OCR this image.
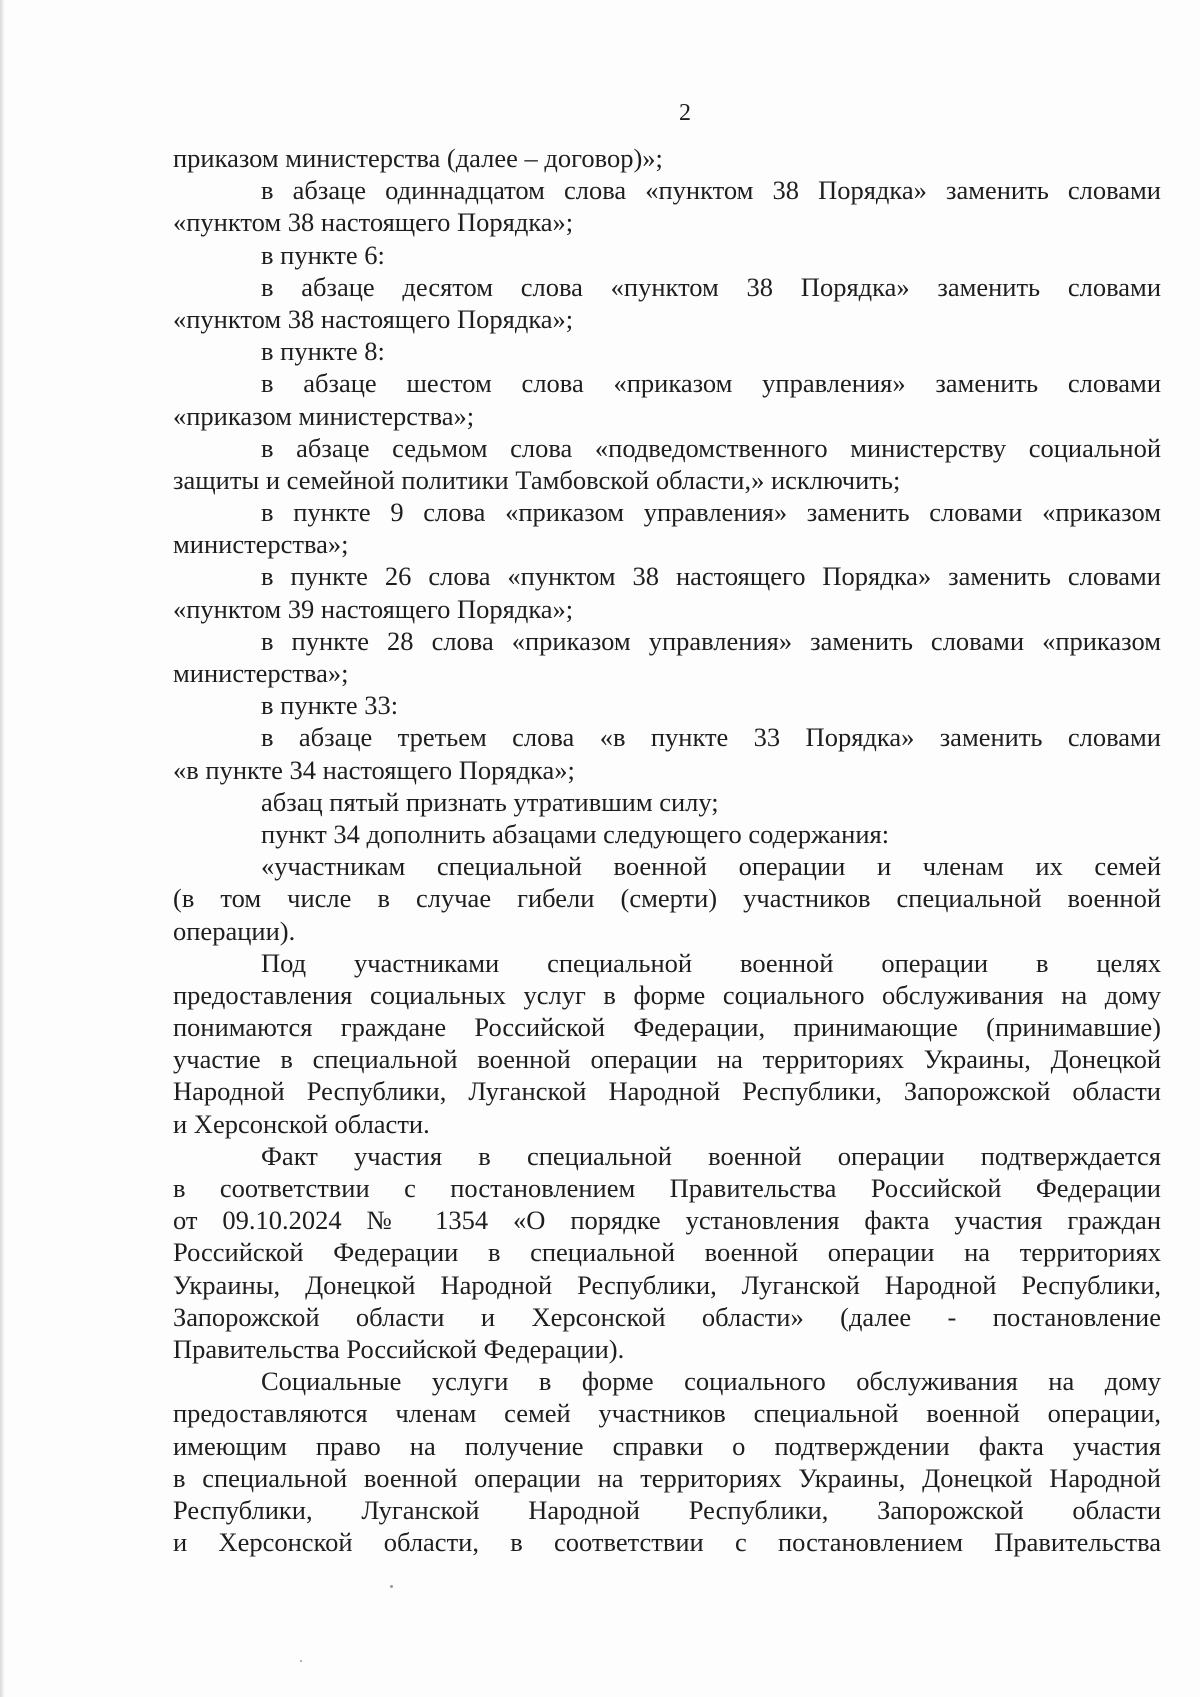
2
приказом министерства (далее – договор)»;
в абзаце одиннадцатом слова «пунктом 38 Порядка» заменить словами
«пунктом 38 настоящего Порядка»;
в пункте 6:
в абзаце десятом слова «пунктом 38 Порядка» заменить словами
«пунктом 38 настоящего Порядка»;
в пункте 8:
в абзаце шестом слова «приказом управления» заменить словами
«приказом министерства»;
в абзаце седьмом слова «подведомственного министерству социальной
защиты и семейной политики Тамбовской области,» исключить;
в пункте 9 слова «приказом управления» заменить словами «приказом
министерства»;
в пункте 26 слова «пунктом 38 настоящего Порядка» заменить словами
«пунктом 39 настоящего Порядка»;
в пункте 28 слова «приказом управления» заменить словами «приказом
министерства»;
в пункте 33:
в абзаце третьем слова «в пункте 33 Порядка» заменить словами
«в пункте 34 настоящего Порядка»;
абзац пятый признать утратившим силу;
пункт 34 дополнить абзацами следующего содержания:
«участникам специальной военной операции и членам их семей
(в том числе в случае гибели (смерти) участников специальной военной
операции).
Под участниками специальной военной операции в целях
предоставления социальных услуг в форме социального обслуживания на дому
понимаются граждане Российской Федерации, принимающие (принимавшие)
участие в специальной военной операции на территориях Украины, Донецкой
Народной Республики, Луганской Народной Республики, Запорожской области
и Херсонской области.
Факт участия в специальной военной операции подтверждается
в соответствии с постановлением Правительства Российской Федерации
от 09.10.2024 № 1354 «О порядке установления факта участия граждан
Российской Федерации в специальной военной операции на территориях
Украины, Донецкой Народной Республики, Луганской Народной Республики,
Запорожской области и Херсонской области» (далее - постановление
Правительства Российской Федерации).
Социальные услуги в форме социального обслуживания на дому
предоставляются членам семей участников специальной военной операции,
имеющим право на получение справки о подтверждении факта участия
в специальной военной операции на территориях Украины, Донецкой Народной
Республики, Луганской Народной Республики, Запорожской области
и Херсонской области, в соответствии с постановлением Правительства
